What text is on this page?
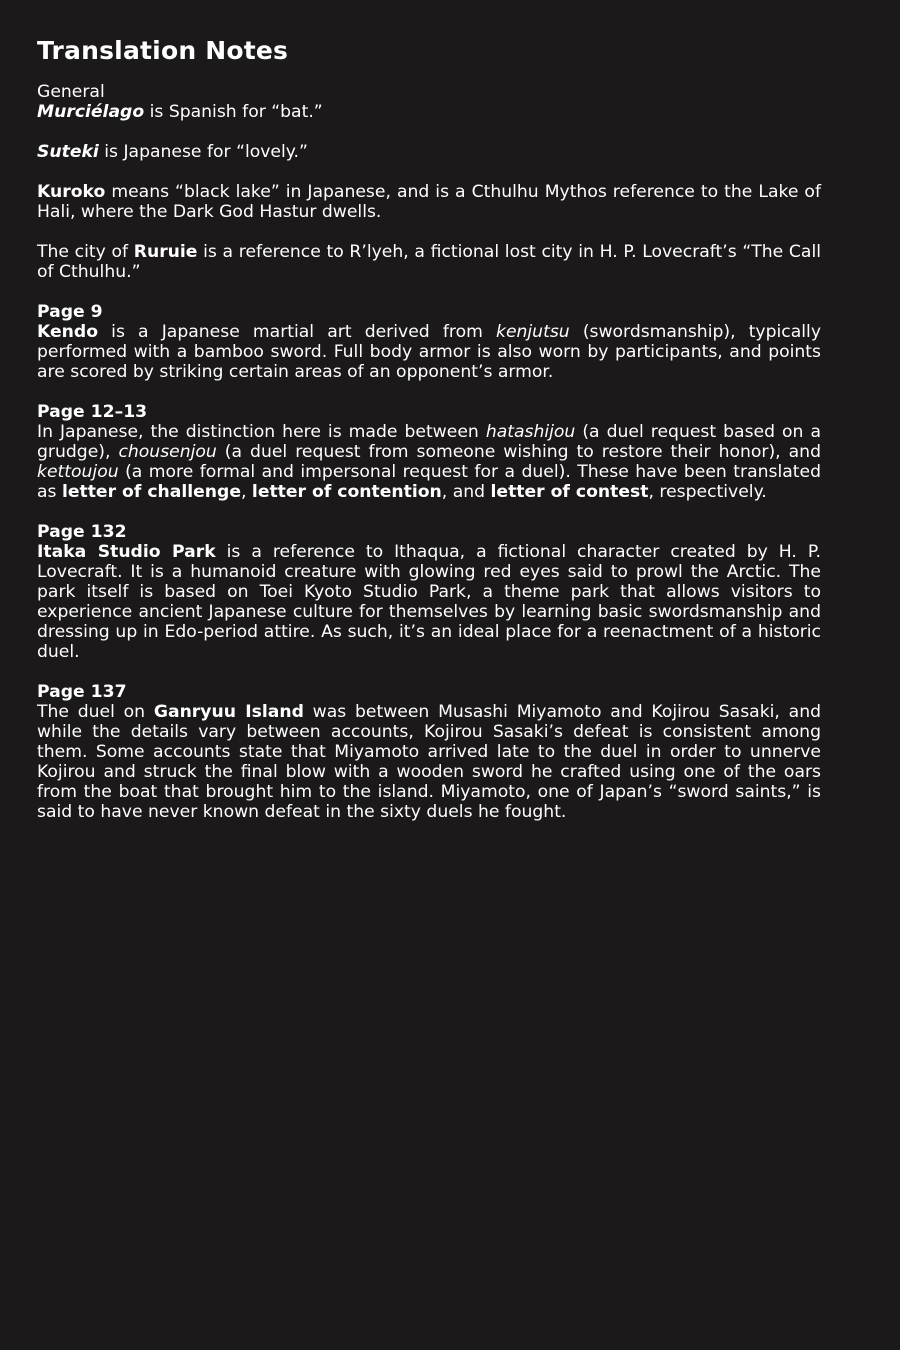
Translation Notes

General
Murciélago is Spanish for “bat.”

Suteki is Japanese for “lovely.”

Kuroko means “black lake” in Japanese, and is a Cthulhu Mythos reference to the Lake of Hali, where the Dark God Hastur dwells.

The city of Ruruie is a reference to R’lyeh, a fictional lost city in H. P. Lovecraft’s “The Call of Cthulhu.”

Page 9
Kendo is a Japanese martial art derived from kenjutsu (swordsmanship), typically performed with a bamboo sword. Full body armor is also worn by participants, and points are scored by striking certain areas of an opponent’s armor.

Page 12–13
In Japanese, the distinction here is made between hatashijou (a duel request based on a grudge), chousenjou (a duel request from someone wishing to restore their honor), and kettoujou (a more formal and impersonal request for a duel). These have been translated as letter of challenge, letter of contention, and letter of contest, respectively.

Page 132
Itaka Studio Park is a reference to Ithaqua, a fictional character created by H. P. Lovecraft. It is a humanoid creature with glowing red eyes said to prowl the Arctic. The park itself is based on Toei Kyoto Studio Park, a theme park that allows visitors to experience ancient Japanese culture for themselves by learning basic swordsmanship and dressing up in Edo-period attire. As such, it’s an ideal place for a reenactment of a historic duel.

Page 137
The duel on Ganryuu Island was between Musashi Miyamoto and Kojirou Sasaki, and while the details vary between accounts, Kojirou Sasaki’s defeat is consistent among them. Some accounts state that Miyamoto arrived late to the duel in order to unnerve Kojirou and struck the final blow with a wooden sword he crafted using one of the oars from the boat that brought him to the island. Miyamoto, one of Japan’s “sword saints,” is said to have never known defeat in the sixty duels he fought.
